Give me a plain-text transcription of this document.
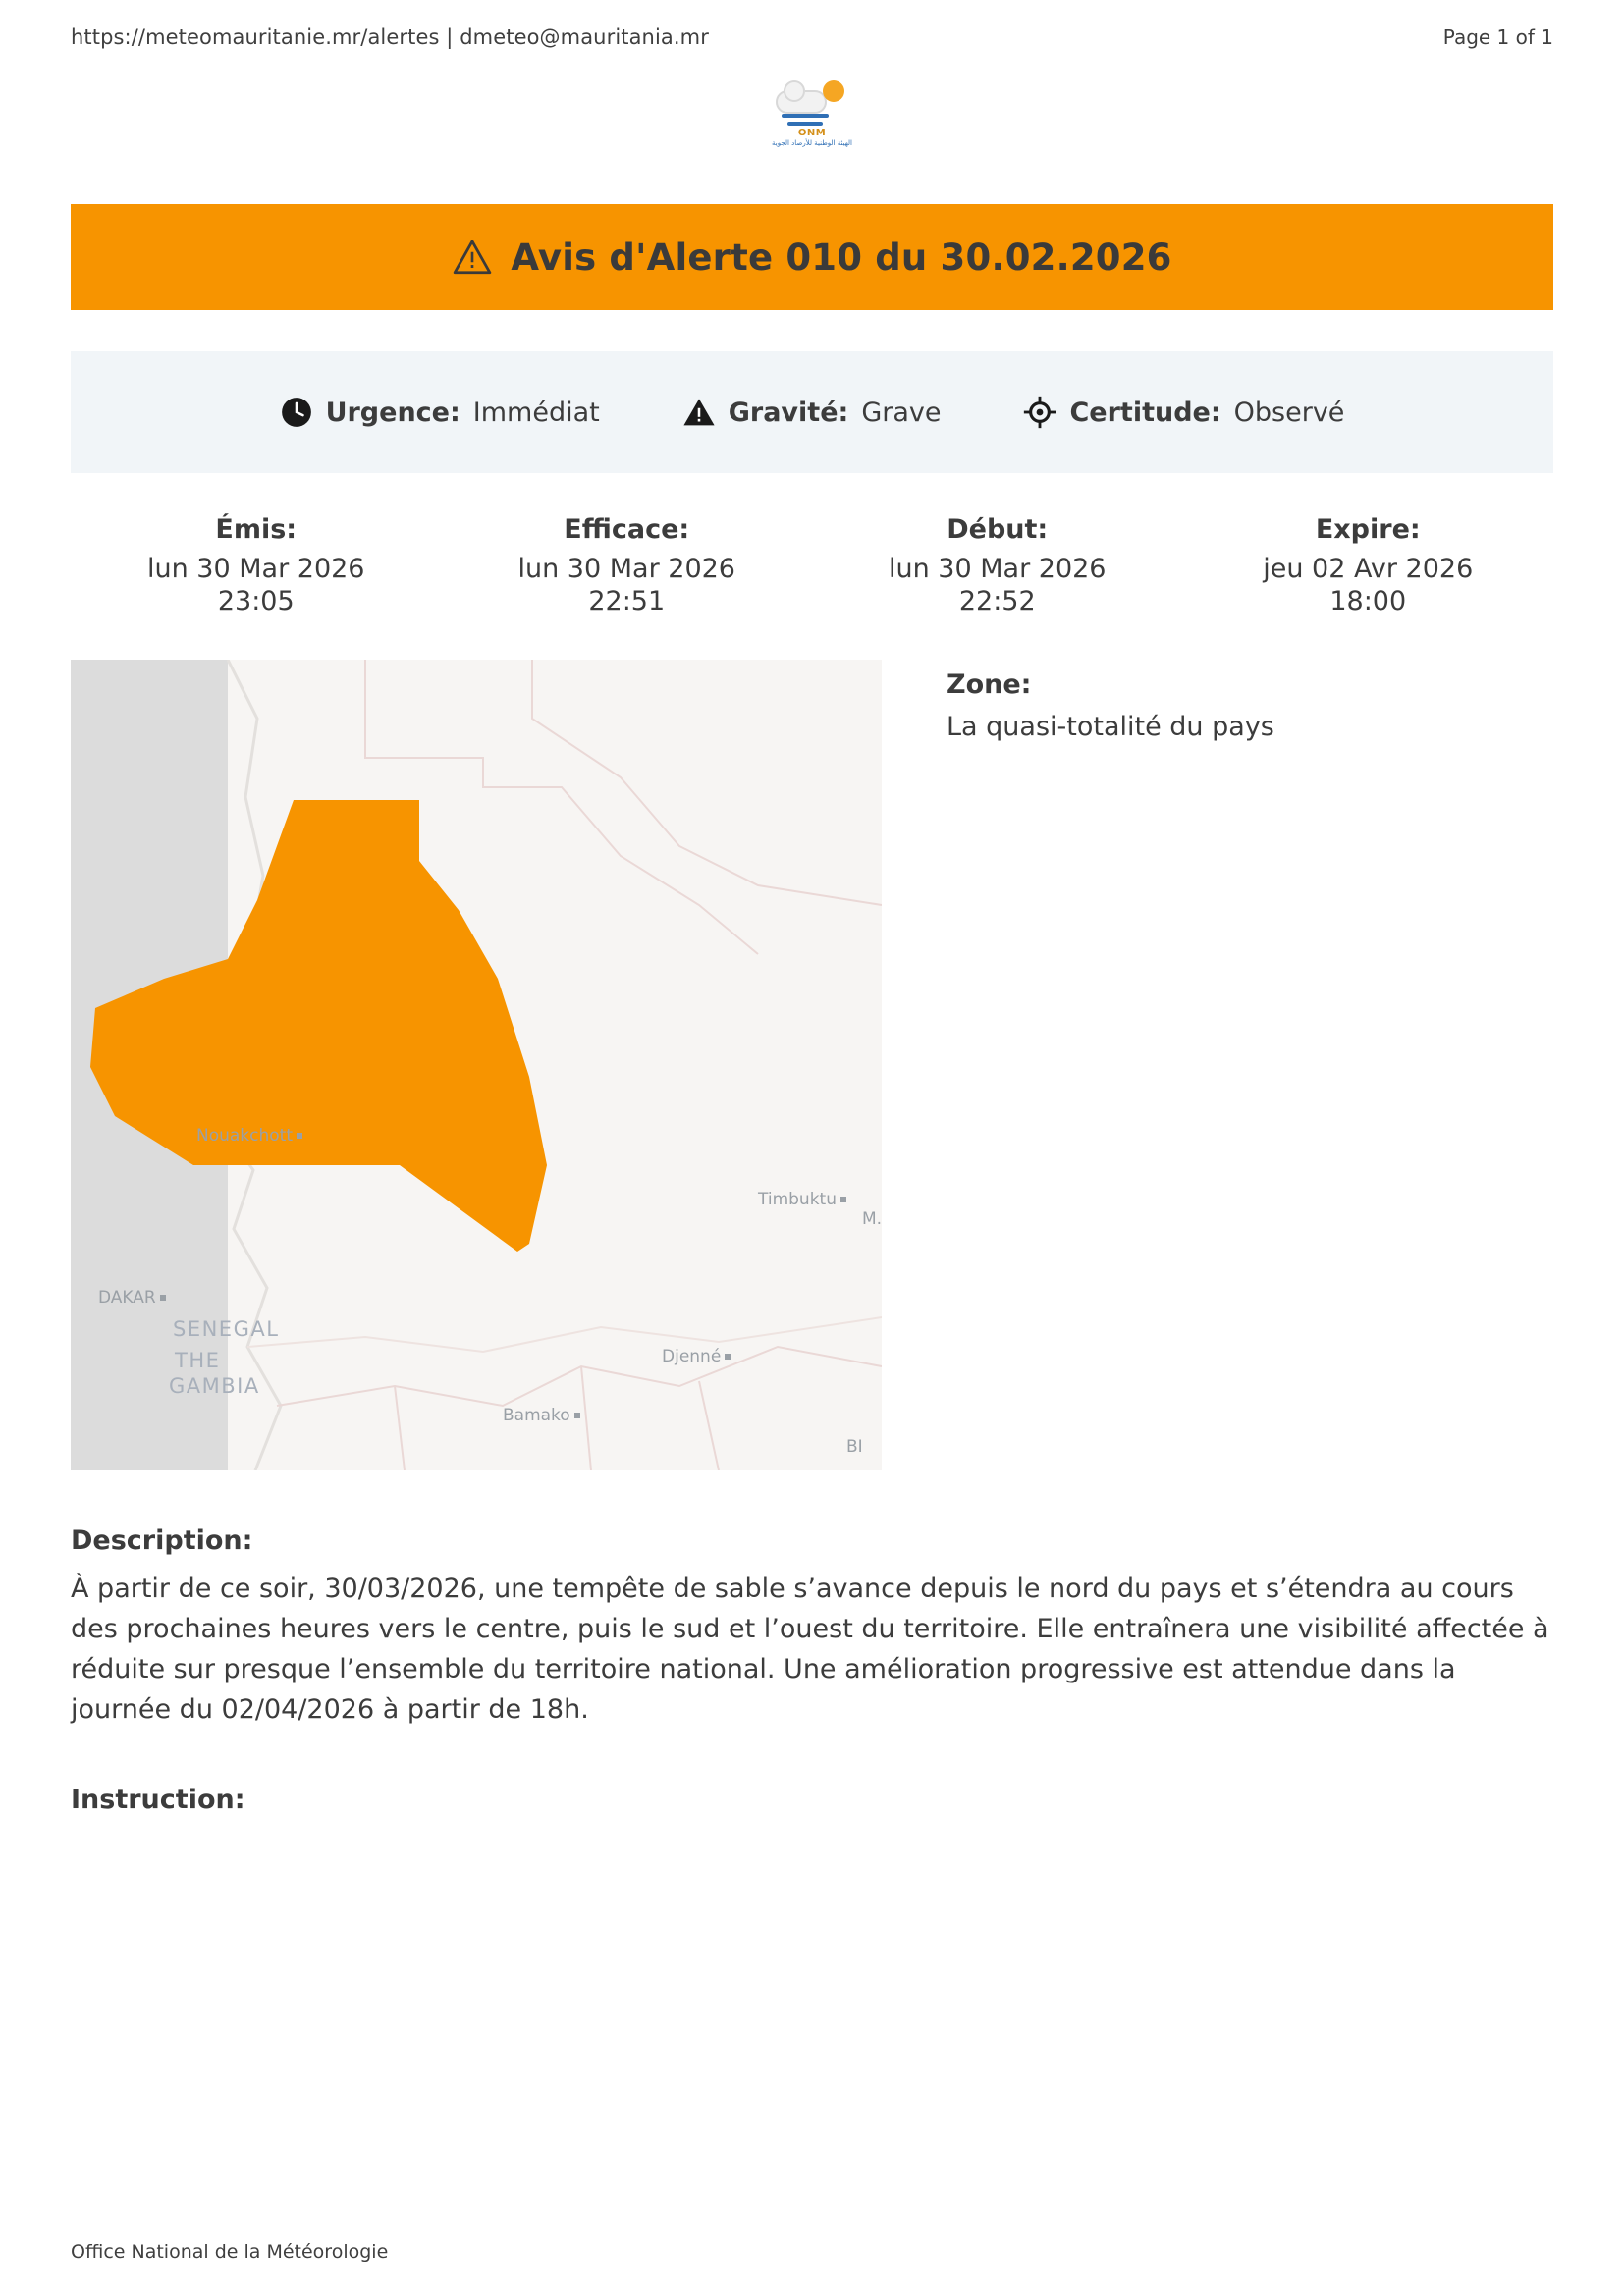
https://meteomauritanie.mr/alertes | dmeteo@mauritania.mr	Page 1 of 1
ONM
الهيئة الوطنية للأرصاد الجوية
Avis d'Alerte 010 du 30.02.2026
Urgence: Immédiat	Gravité: Grave	Certitude: Observé
Émis:
lun 30 Mar 2026
23:05
Efficace:
lun 30 Mar 2026
22:51
Début:
lun 30 Mar 2026
22:52
Expire:
jeu 02 Avr 2026
18:00
Nouakchott
Timbuktu
M.
DAKAR
SENEGAL
THE
GAMBIA
Djenné
Bamako
BI
Zone:
La quasi-totalité du pays
Description:
À partir de ce soir, 30/03/2026, une tempête de sable s’avance depuis le nord du pays et s’étendra au cours des prochaines heures vers le centre, puis le sud et l’ouest du territoire. Elle entraînera une visibilité affectée à réduite sur presque l’ensemble du territoire national. Une amélioration progressive est attendue dans la journée du 02/04/2026 à partir de 18h.
Instruction:
Office National de la Météorologie
